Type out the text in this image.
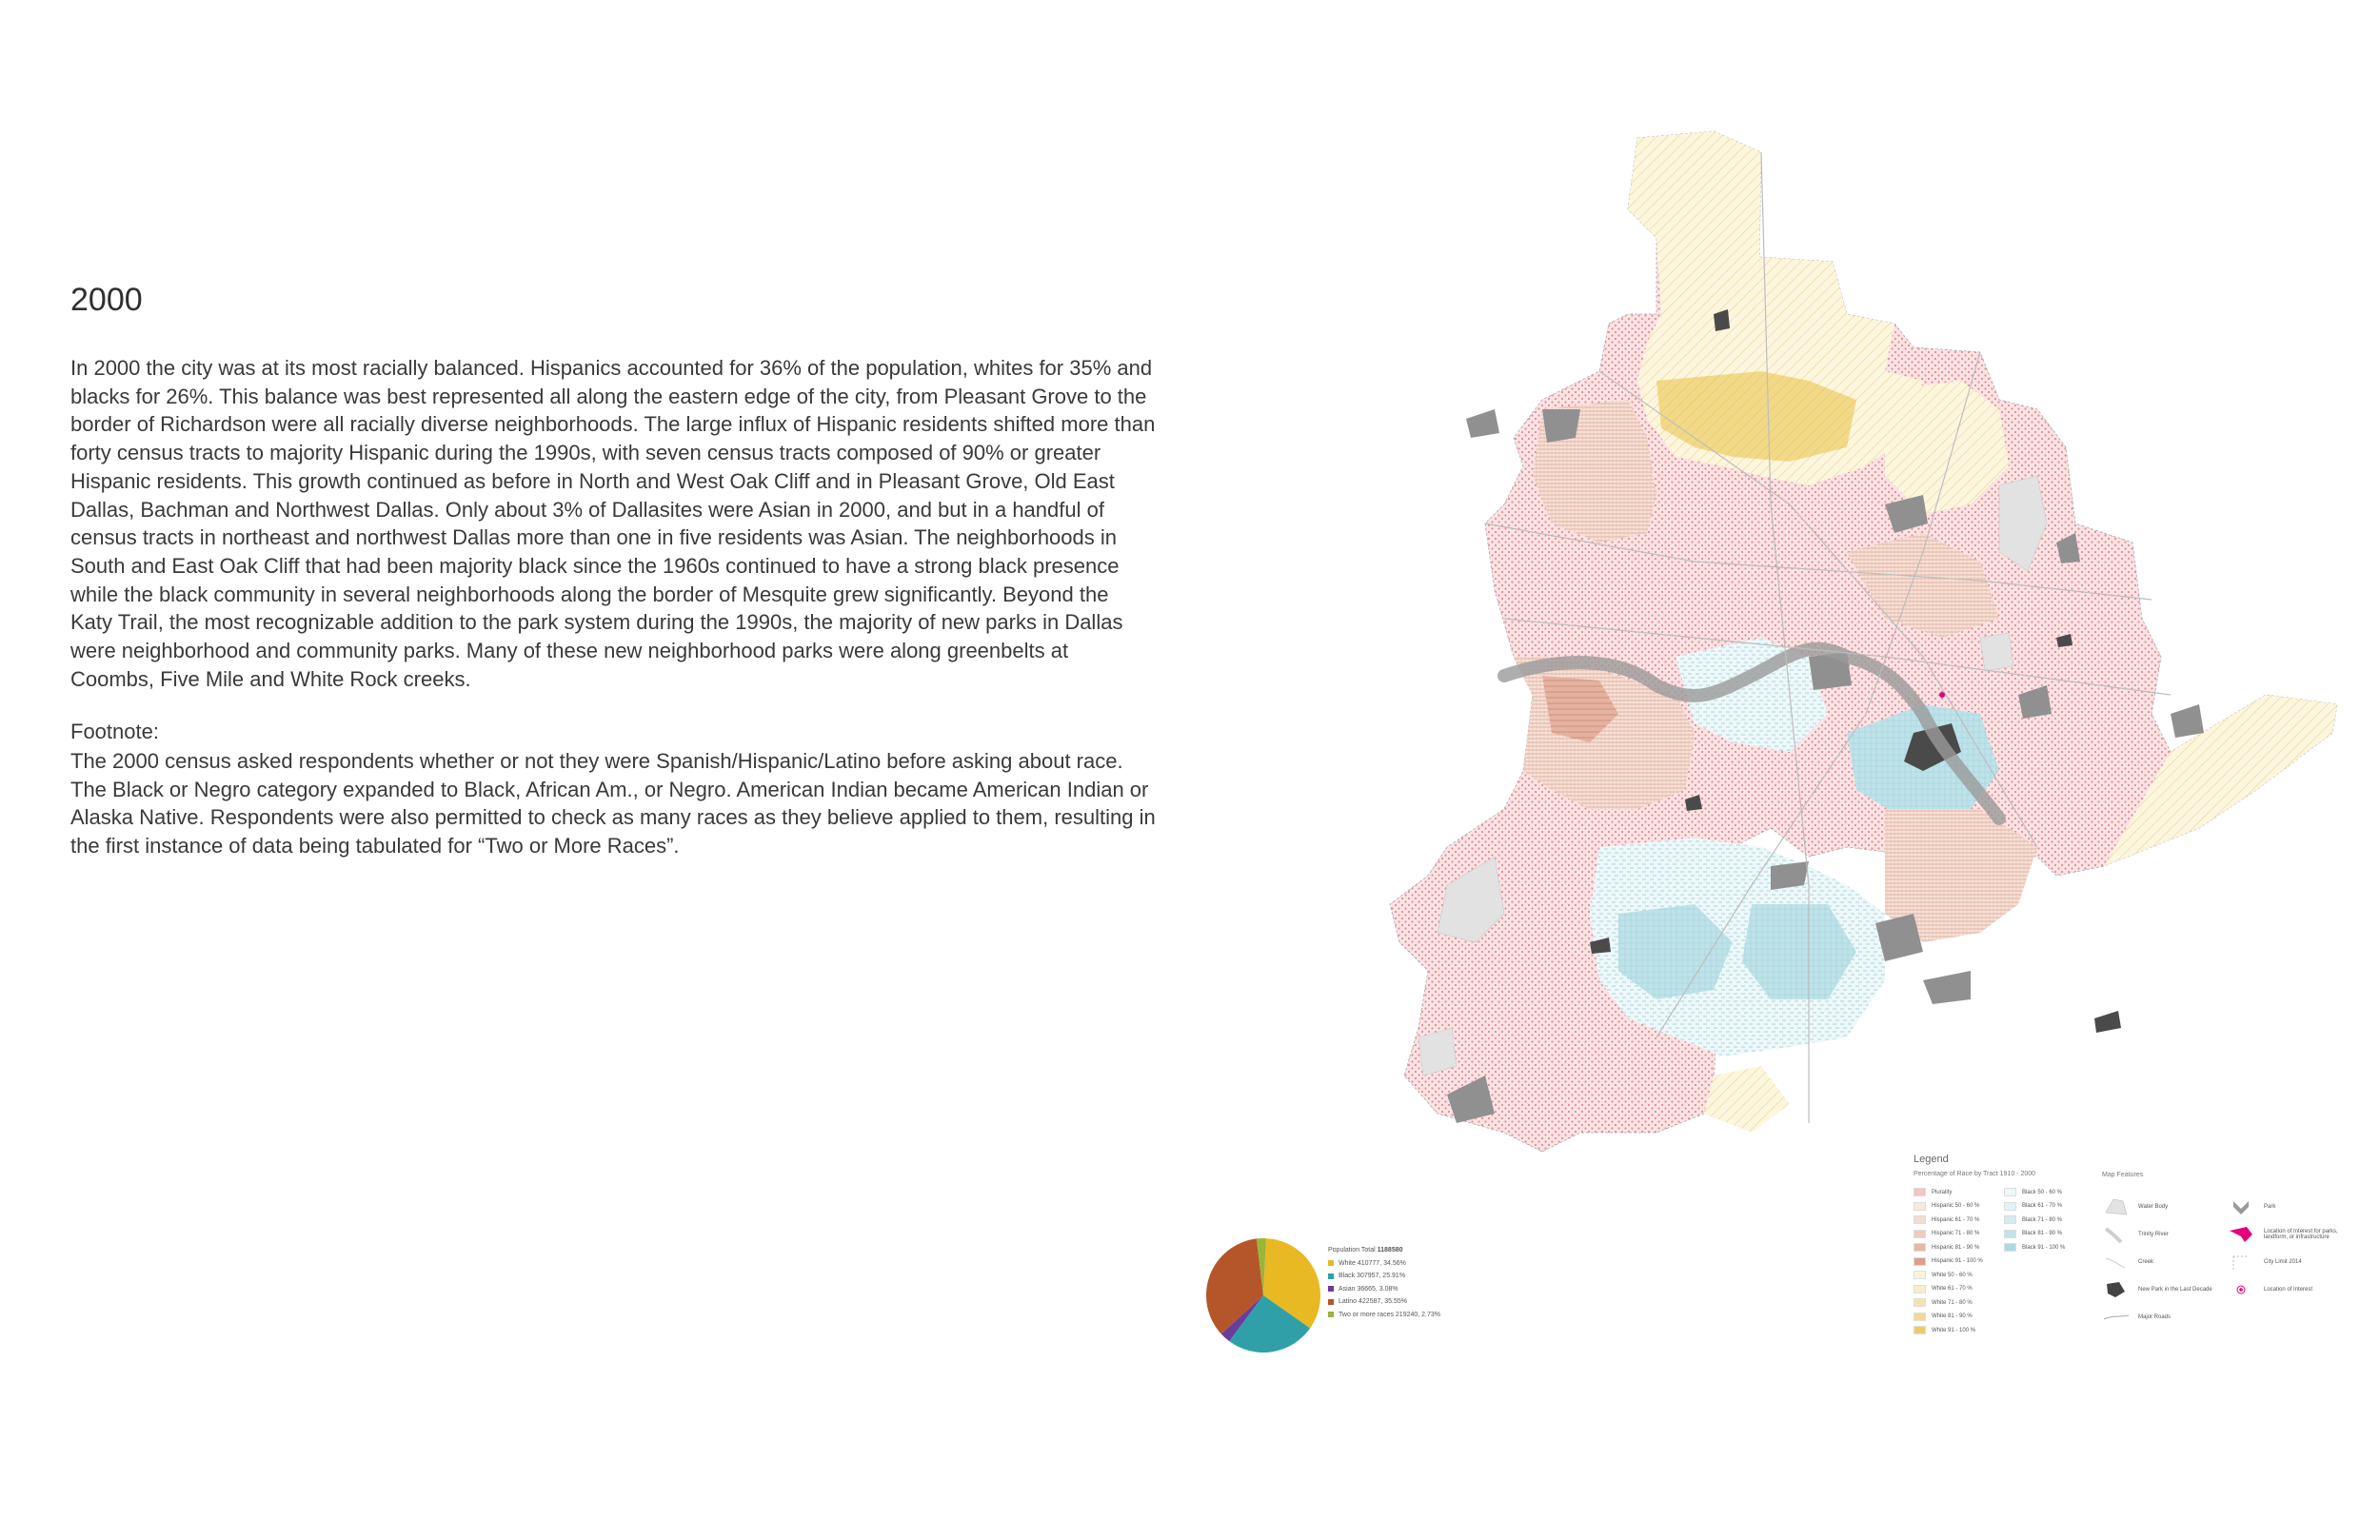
2000

In 2000 the city was at its most racially balanced. Hispanics accounted for 36% of the population, whites for 35% and blacks for 26%. This balance was best represented all along the eastern edge of the city, from Pleasant Grove to the border of Richardson were all racially diverse neighborhoods. The large influx of Hispanic residents shifted more than forty census tracts to majority Hispanic during the 1990s, with seven census tracts composed of 90% or greater Hispanic residents. This growth continued as before in North and West Oak Cliff and in Pleasant Grove, Old East Dallas, Bachman and Northwest Dallas. Only about 3% of Dallasites were Asian in 2000, and but in a handful of census tracts in northeast and northwest Dallas more than one in five residents was Asian. The neighborhoods in South and East Oak Cliff that had been majority black since the 1960s continued to have a strong black presence while the black community in several neighborhoods along the border of Mesquite grew significantly. Beyond the Katy Trail, the most recognizable addition to the park system during the 1990s, the majority of new parks in Dallas were neighborhood and community parks. Many of these new neighborhood parks were along greenbelts at Coombs, Five Mile and White Rock creeks.

Footnote:

The 2000 census asked respondents whether or not they were Spanish/Hispanic/Latino before asking about race. The Black or Negro category expanded to Black, African Am., or Negro. American Indian became American Indian or Alaska Native. Respondents were also permitted to check as many races as they believe applied to them, resulting in the first instance of data being tabulated for “Two or More Races”.

Population Total
1188580
White 410777, 34.56%
Black 307957, 25.91%
Asian 36665, 3.08%
Latino 422587, 35.55%
Two or more races 219240, 2.73%
Legend
Percentage of Race by Tract 1910 - 2000	Map Features
Plurality
Hispanic 50 - 60 %
Hispanic 61 - 70 %
Hispanic 71 - 80 %
Hispanic 81 - 90 %
Hispanic 91 - 100 %
White 50 - 60 %
White 61 - 70 %
White 71 - 80 %
White 81 - 90 %
White 91 - 100 %
Black 50 - 60 %
Black 61 - 70 %
Black 71 - 80 %
Black 81 - 90 %
Black 91 - 100 %
Water Body
Trinity River
Creek
New Park in the Last Decade
Major Roads
Park
Location of Interest for parks, landform, or infrastructure
City Limit 2014
Location of Interest
